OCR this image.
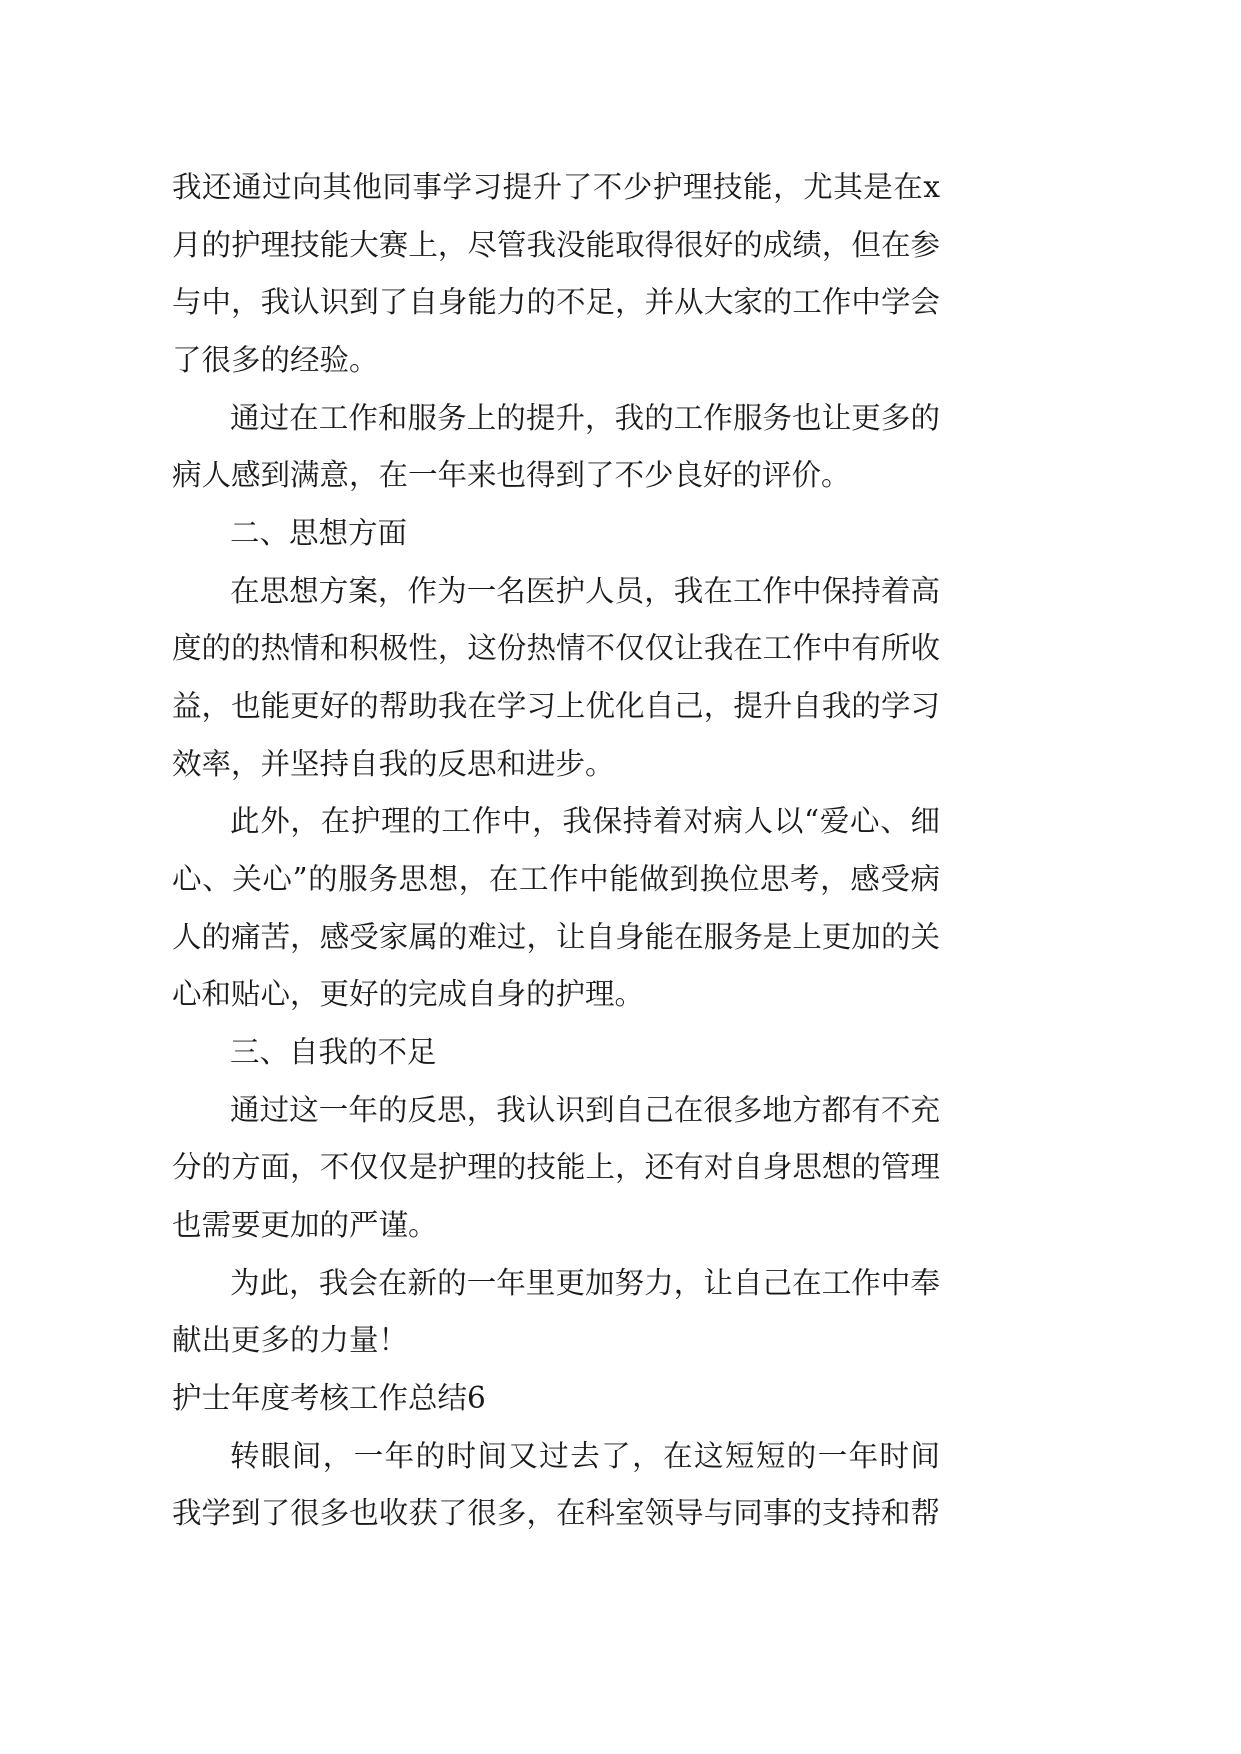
我还通过向其他同事学习提升了不少护理技能，尤其是在x
月的护理技能大赛上，尽管我没能取得很好的成绩，但在参
与中，我认识到了自身能力的不足，并从大家的工作中学会
了很多的经验。
通过在工作和服务上的提升，我的工作服务也让更多的
病人感到满意，在一年来也得到了不少良好的评价。
二、思想方面
在思想方案，作为一名医护人员，我在工作中保持着高
度的的热情和积极性，这份热情不仅仅让我在工作中有所收
益，也能更好的帮助我在学习上优化自己，提升自我的学习
效率，并坚持自我的反思和进步。
此外，在护理的工作中，我保持着对病人以“爱心、细
心、关心”的服务思想，在工作中能做到换位思考，感受病
人的痛苦，感受家属的难过，让自身能在服务是上更加的关
心和贴心，更好的完成自身的护理。
三、自我的不足
通过这一年的反思，我认识到自己在很多地方都有不充
分的方面，不仅仅是护理的技能上，还有对自身思想的管理
也需要更加的严谨。
为此，我会在新的一年里更加努力，让自己在工作中奉
献出更多的力量！
护士年度考核工作总结6
转眼间，一年的时间又过去了，在这短短的一年时间
我学到了很多也收获了很多，在科室领导与同事的支持和帮
